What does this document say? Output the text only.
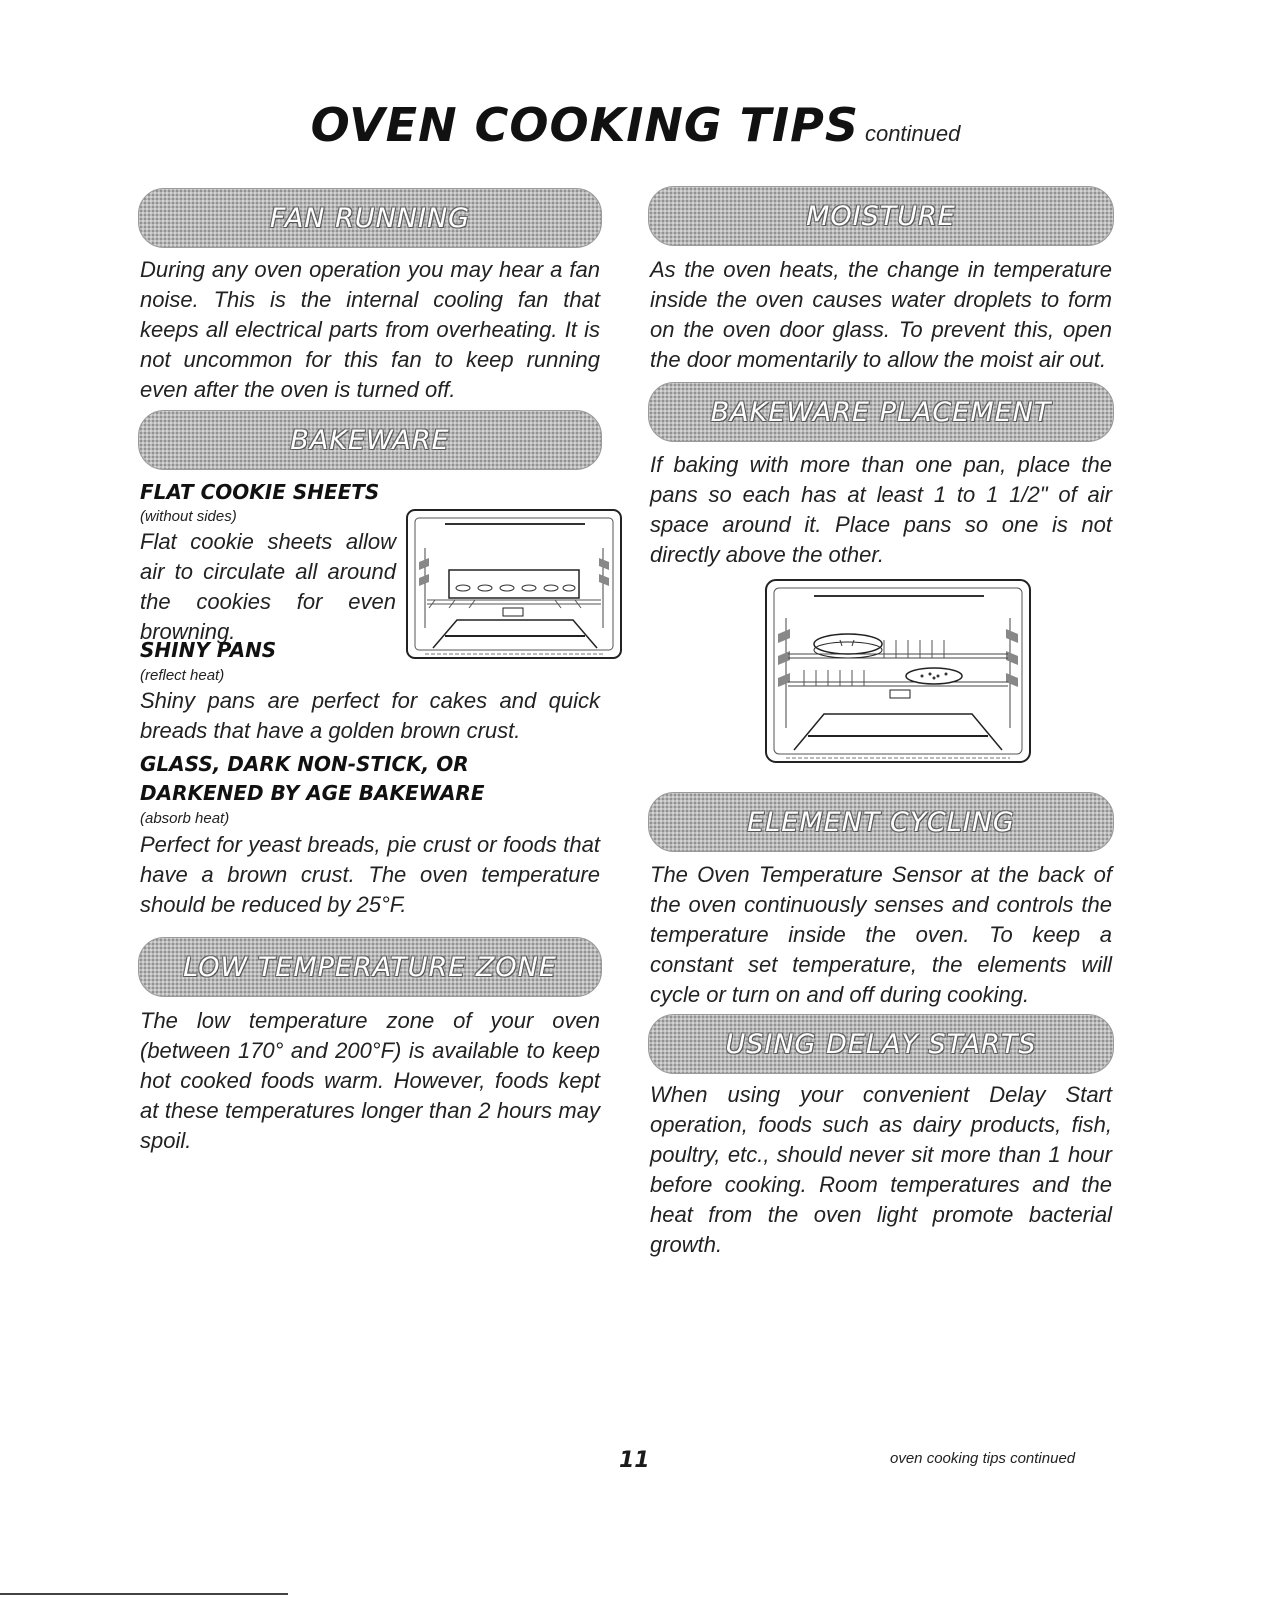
OVEN COOKING TIPS continued
FAN RUNNING
During any oven operation you may hear a fan noise. This is the internal cooling fan that keeps all electrical parts from overheating. It is not uncommon for this fan to keep running even after the oven is turned off.
BAKEWARE
FLAT COOKIE SHEETS
(without sides)
Flat cookie sheets allow air to circulate all around the cookies for even browning.
SHINY PANS
(reflect heat)
Shiny pans are perfect for cakes and quick breads that have a golden brown crust.
GLASS, DARK NON-STICK, OR
DARKENED BY AGE BAKEWARE
(absorb heat)
Perfect for yeast breads, pie crust or foods that have a brown crust. The oven temperature should be reduced by 25°F.
LOW TEMPERATURE ZONE
The low temperature zone of your oven (between 170° and 200°F) is available to keep hot cooked foods warm. However, foods kept at these temperatures longer than 2 hours may spoil.
MOISTURE
As the oven heats, the change in temperature inside the oven causes water droplets to form on the oven door glass. To prevent this, open the door momentarily to allow the moist air out.
BAKEWARE PLACEMENT
If baking with more than one pan, place the pans so each has at least 1 to 1 1/2" of air space around it. Place pans so one is not directly above the other.
ELEMENT CYCLING
The Oven Temperature Sensor at the back of the oven continuously senses and controls the temperature inside the oven. To keep a constant set temperature, the elements will cycle or turn on and off during cooking.
USING DELAY STARTS
When using your convenient Delay Start operation, foods such as dairy products, fish, poultry, etc., should never sit more than 1 hour before cooking. Room temperatures and the heat from the oven light promote bacterial growth.
11	oven cooking tips continued
